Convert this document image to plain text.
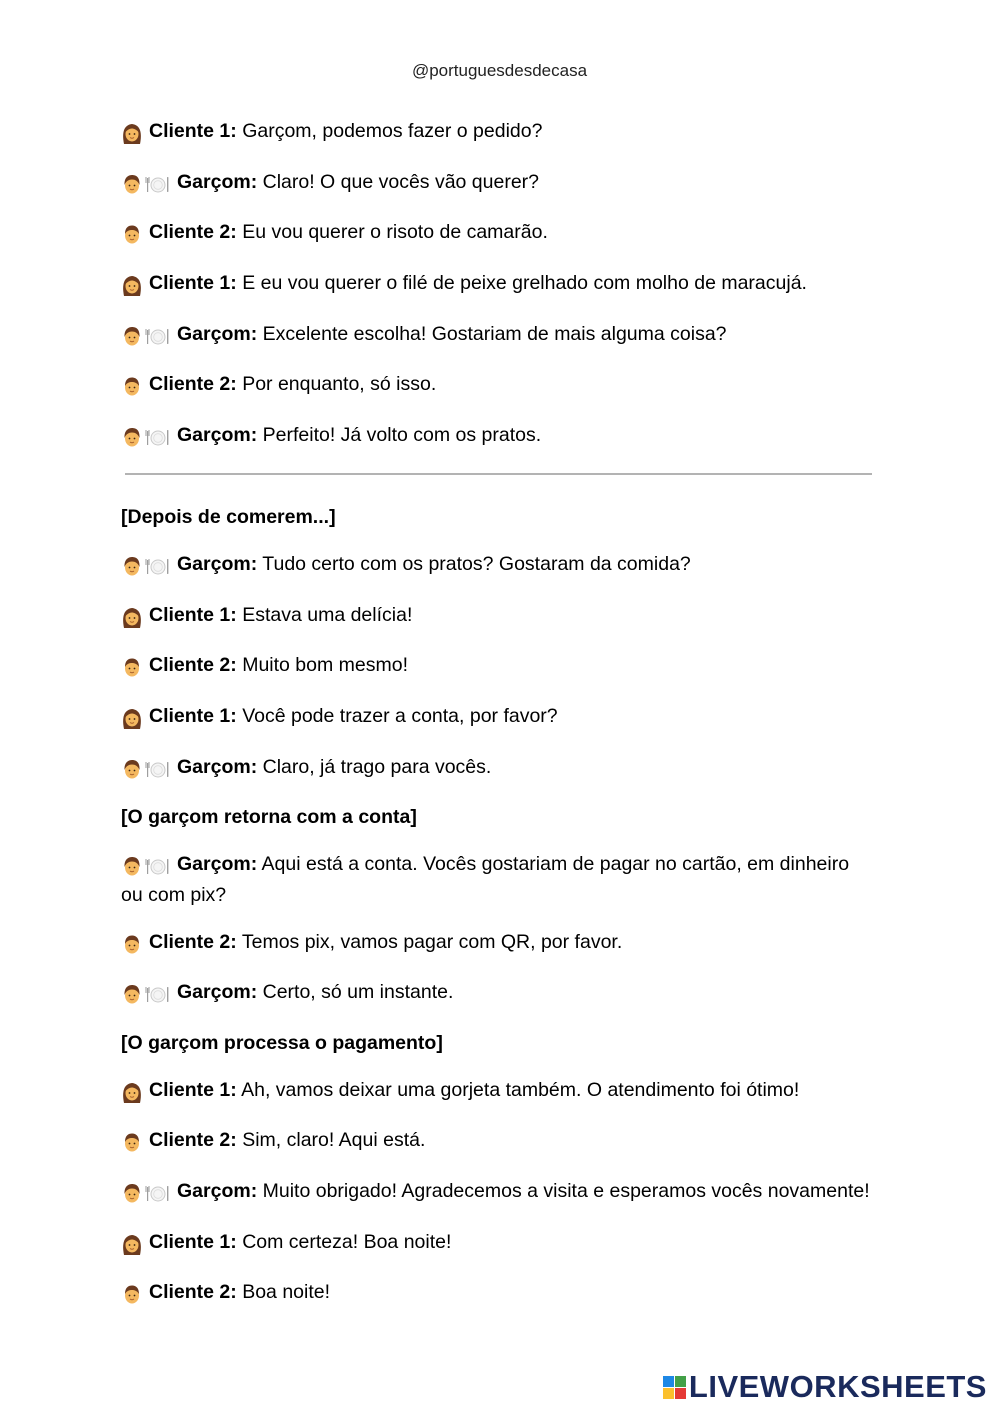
@portuguesdesdecasa
Cliente 1: Garçom, podemos fazer o pedido?
Garçom: Claro! O que vocês vão querer?
Cliente 2: Eu vou querer o risoto de camarão.
Cliente 1: E eu vou querer o filé de peixe grelhado com molho de maracujá.
Garçom: Excelente escolha! Gostariam de mais alguma coisa?
Cliente 2: Por enquanto, só isso.
Garçom: Perfeito! Já volto com os pratos.
[Depois de comerem...]
Garçom: Tudo certo com os pratos? Gostaram da comida?
Cliente 1: Estava uma delícia!
Cliente 2: Muito bom mesmo!
Cliente 1: Você pode trazer a conta, por favor?
Garçom: Claro, já trago para vocês.
[O garçom retorna com a conta]
Garçom: Aqui está a conta. Vocês gostariam de pagar no cartão, em dinheiro ou com pix?
Cliente 2: Temos pix, vamos pagar com QR, por favor.
Garçom: Certo, só um instante.
[O garçom processa o pagamento]
Cliente 1: Ah, vamos deixar uma gorjeta também. O atendimento foi ótimo!
Cliente 2: Sim, claro! Aqui está.
Garçom: Muito obrigado! Agradecemos a visita e esperamos vocês novamente!
Cliente 1: Com certeza! Boa noite!
Cliente 2: Boa noite!
LIVEWORKSHEETS
